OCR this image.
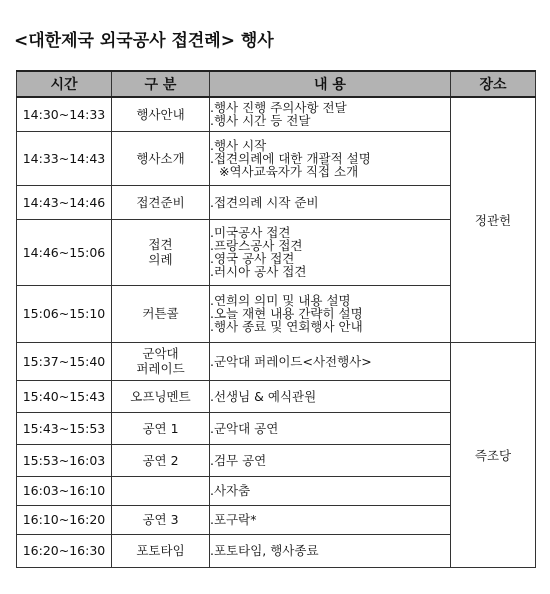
<대한제국 외국공사 접견례> 행사
시간	구 분	내 용	장소
14:30~14:33	행사안내	.행사 진행 주의사항 전달
.행사 시간 등 전달	정관헌
14:33~14:43	행사소개	.행사 시작
.접견의례에 대한 개괄적 설명
※역사교육자가 직접 소개	

14:43~14:46	접견준비	.접견의례 시작 준비	

14:46~15:06	접견
의례	.미국공사 접견
.프랑스공사 접견
.영국 공사 접견
.러시아 공사 접견	

15:06~15:10	커튼콜	.연희의 의미 및 내용 설명
.오늘 재현 내용 간략히 설명
.행사 종료 및 연회행사 안내	

15:37~15:40	군악대
퍼레이드	.군악대 퍼레이드<사전행사>	즉조당
15:40~15:43	오프닝멘트	.선생님 & 예식관원	

15:43~15:53	공연 1	.군악대 공연	

15:53~16:03	공연 2	.검무 공연	

16:03~16:10		.사자춤	

16:10~16:20	공연 3	.포구락*	

16:20~16:30	포토타임	.포토타임, 행사종료	
